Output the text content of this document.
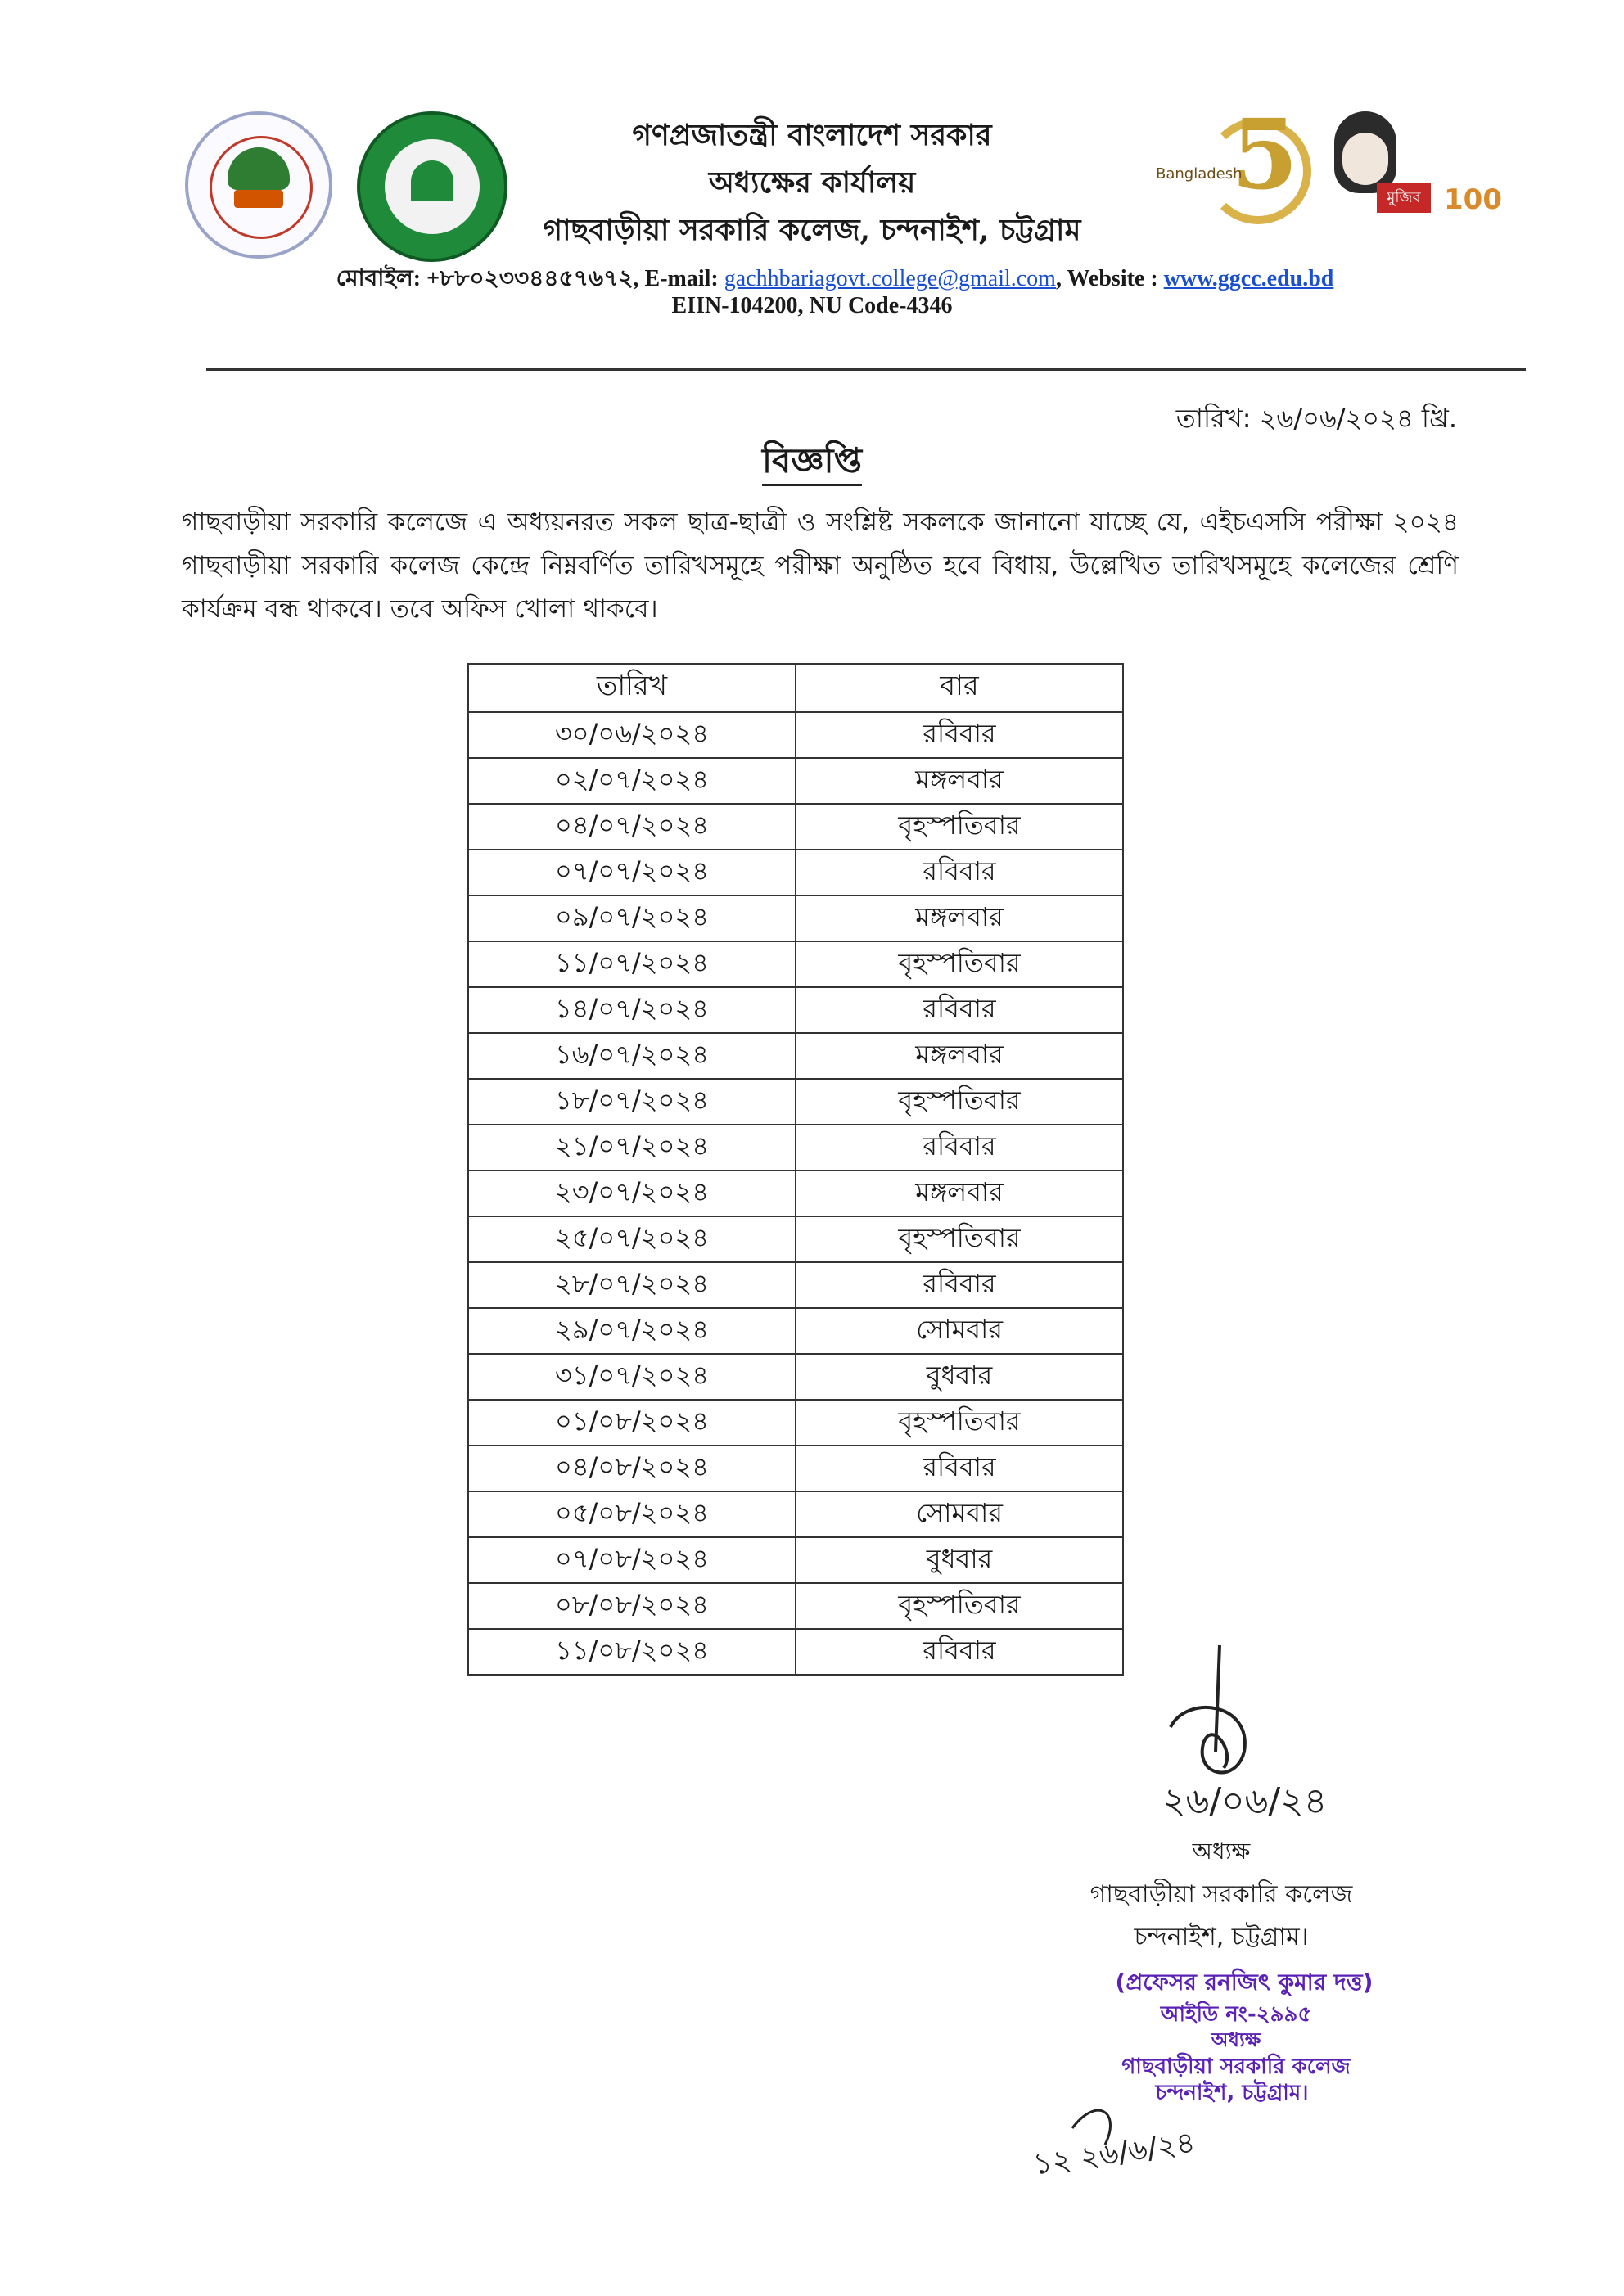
5
Bangladesh
মুজিব 100
গণপ্রজাতন্ত্রী বাংলাদেশ সরকার
অধ্যক্ষের কার্যালয়
গাছবাড়ীয়া সরকারি কলেজ, চন্দনাইশ, চট্টগ্রাম
মোবাইল: +৮৮০২৩৩৪৪৫৭৬৭২, E-mail: gachhbariagovt.college@gmail.com, Website : www.ggcc.edu.bd
EIIN-104200, NU Code-4346
তারিখ: ২৬/০৬/২০২৪ খ্রি.
বিজ্ঞপ্তি
গাছবাড়ীয়া সরকারি কলেজে এ অধ্যয়নরত সকল ছাত্র-ছাত্রী ও সংশ্লিষ্ট সকলকে জানানো যাচ্ছে যে, এইচএসসি পরীক্ষা ২০২৪ গাছবাড়ীয়া সরকারি কলেজ কেন্দ্রে নিম্নবর্ণিত তারিখসমূহে পরীক্ষা অনুষ্ঠিত হবে বিধায়, উল্লেখিত তারিখসমূহে কলেজের শ্রেণি কার্যক্রম বন্ধ থাকবে। তবে অফিস খোলা থাকবে।
তারিখ	বার
৩০/০৬/২০২৪	রবিবার
০২/০৭/২০২৪	মঙ্গলবার
০৪/০৭/২০২৪	বৃহস্পতিবার
০৭/০৭/২০২৪	রবিবার
০৯/০৭/২০২৪	মঙ্গলবার
১১/০৭/২০২৪	বৃহস্পতিবার
১৪/০৭/২০২৪	রবিবার
১৬/০৭/২০২৪	মঙ্গলবার
১৮/০৭/২০২৪	বৃহস্পতিবার
২১/০৭/২০২৪	রবিবার
২৩/০৭/২০২৪	মঙ্গলবার
২৫/০৭/২০২৪	বৃহস্পতিবার
২৮/০৭/২০২৪	রবিবার
২৯/০৭/২০২৪	সোমবার
৩১/০৭/২০২৪	বুধবার
০১/০৮/২০২৪	বৃহস্পতিবার
০৪/০৮/২০২৪	রবিবার
০৫/০৮/২০২৪	সোমবার
০৭/০৮/২০২৪	বুধবার
০৮/০৮/২০২৪	বৃহস্পতিবার
১১/০৮/২০২৪	রবিবার
২৬/০৬/২৪
অধ্যক্ষ
গাছবাড়ীয়া সরকারি কলেজ
চন্দনাইশ, চট্টগ্রাম।
(প্রফেসর রনজিৎ কুমার দত্ত)
আইডি নং-২৯৯৫
অধ্যক্ষ
গাছবাড়ীয়া সরকারি কলেজ
চন্দনাইশ, চট্টগ্রাম।
১২ ২৬/৬/২৪
